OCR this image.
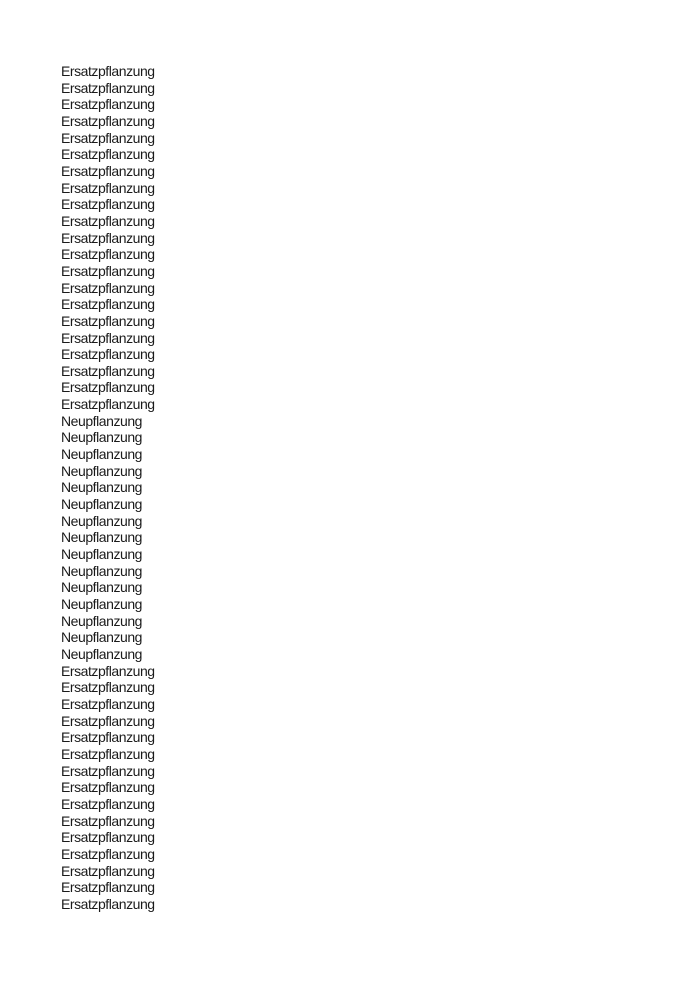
Ersatzpflanzung
Ersatzpflanzung
Ersatzpflanzung
Ersatzpflanzung
Ersatzpflanzung
Ersatzpflanzung
Ersatzpflanzung
Ersatzpflanzung
Ersatzpflanzung
Ersatzpflanzung
Ersatzpflanzung
Ersatzpflanzung
Ersatzpflanzung
Ersatzpflanzung
Ersatzpflanzung
Ersatzpflanzung
Ersatzpflanzung
Ersatzpflanzung
Ersatzpflanzung
Ersatzpflanzung
Ersatzpflanzung
Neupflanzung
Neupflanzung
Neupflanzung
Neupflanzung
Neupflanzung
Neupflanzung
Neupflanzung
Neupflanzung
Neupflanzung
Neupflanzung
Neupflanzung
Neupflanzung
Neupflanzung
Neupflanzung
Neupflanzung
Ersatzpflanzung
Ersatzpflanzung
Ersatzpflanzung
Ersatzpflanzung
Ersatzpflanzung
Ersatzpflanzung
Ersatzpflanzung
Ersatzpflanzung
Ersatzpflanzung
Ersatzpflanzung
Ersatzpflanzung
Ersatzpflanzung
Ersatzpflanzung
Ersatzpflanzung
Ersatzpflanzung
